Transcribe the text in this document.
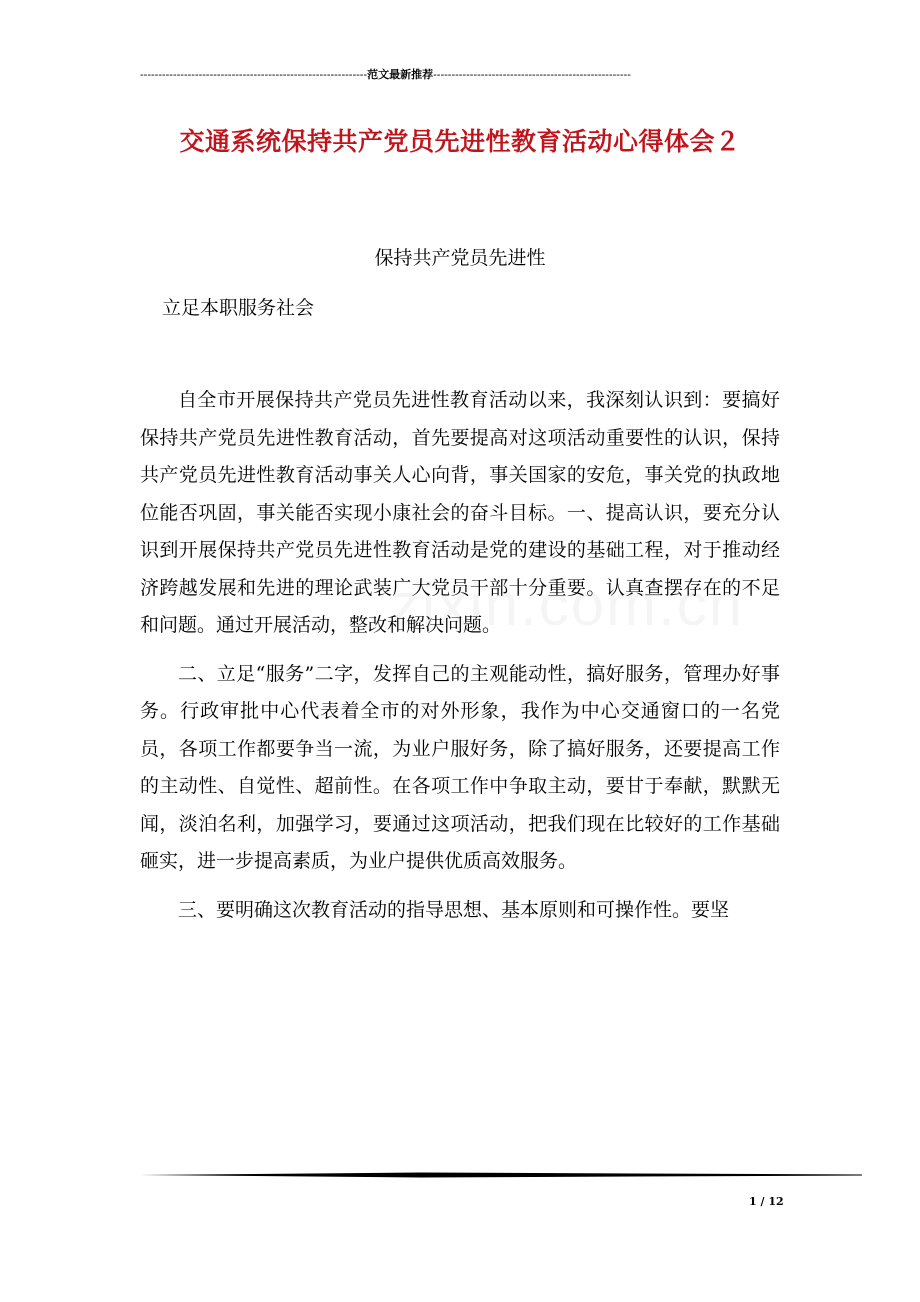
--------------------------------------------------------------范文最新推荐------------------------------------------------------
交通系统保持共产党员先进性教育活动心得体会２
保持共产党员先进性
立足本职服务社会

自全市开展保持共产党员先进性教育活动以来，我深刻认识到：要搞好保持共产党员先进性教育活动，首先要提高对这项活动重要性的认识，保持共产党员先进性教育活动事关人心向背，事关国家的安危，事关党的执政地位能否巩固，事关能否实现小康社会的奋斗目标。一、提高认识，要充分认识到开展保持共产党员先进性教育活动是党的建设的基础工程，对于推动经济跨越发展和先进的理论武装广大党员干部十分重要。认真查摆存在的不足和问题。通过开展活动，整改和解决问题。

二、立足“服务”二字，发挥自己的主观能动性，搞好服务，管理办好事务。行政审批中心代表着全市的对外形象，我作为中心交通窗口的一名党员，各项工作都要争当一流，为业户服好务，除了搞好服务，还要提高工作的主动性、自觉性、超前性。在各项工作中争取主动，要甘于奉献，默默无闻，淡泊名利，加强学习，要通过这项活动，把我们现在比较好的工作基础砸实，进一步提高素质，为业户提供优质高效服务。

三、要明确这次教育活动的指导思想、基本原则和可操作性。要坚

1 / 12
